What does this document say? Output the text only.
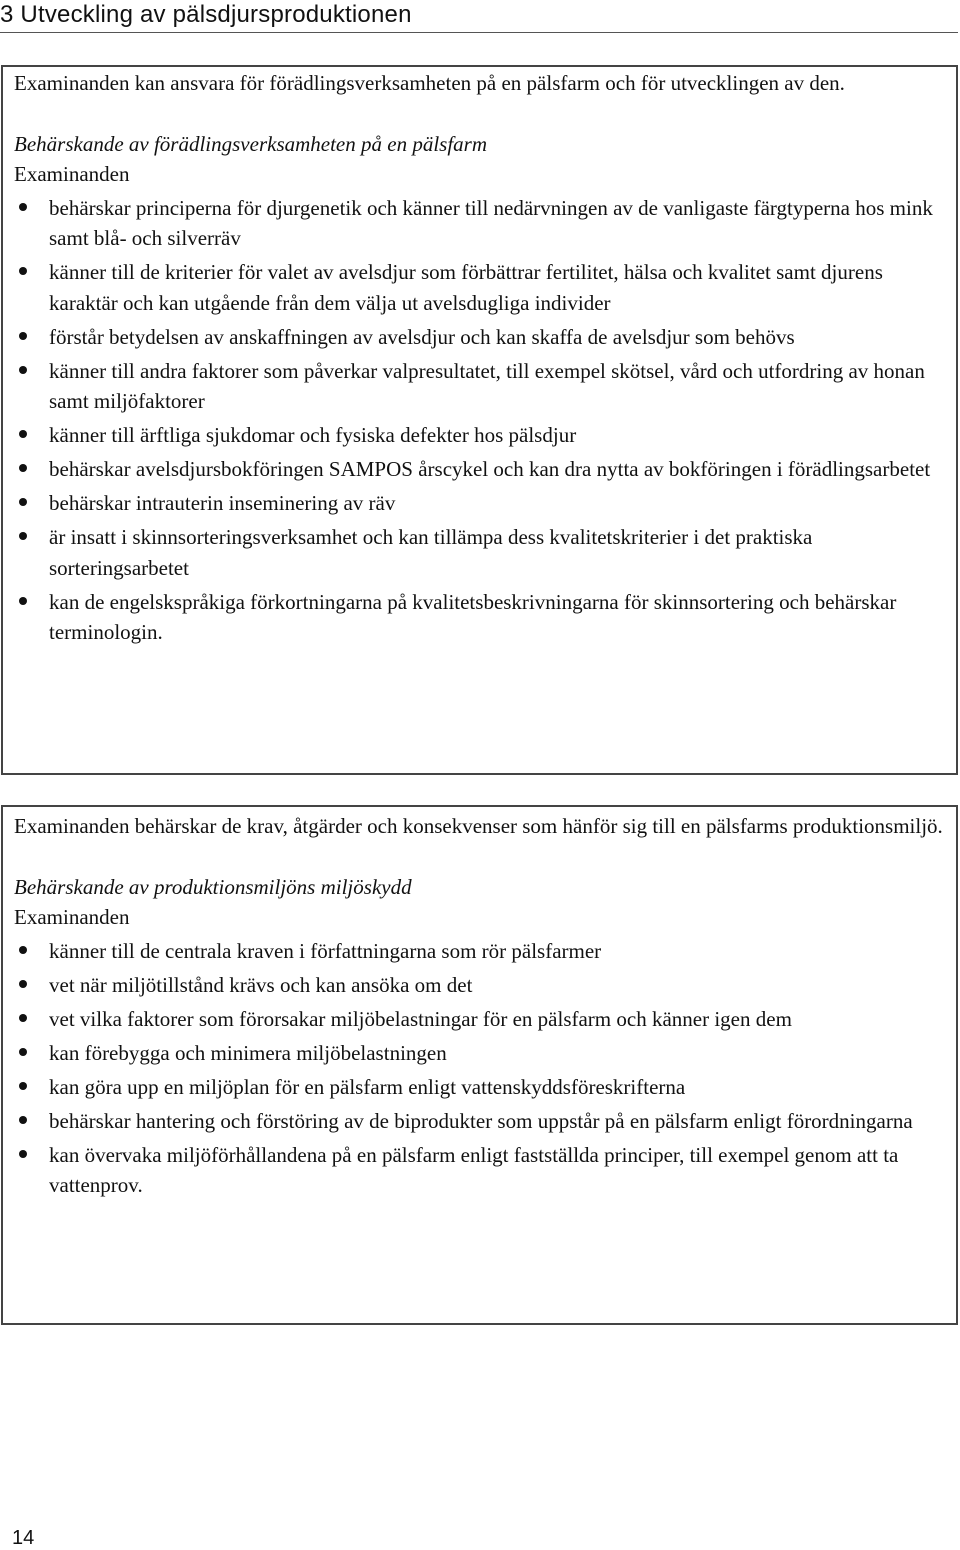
3 Utveckling av pälsdjursproduktionen

Examinanden kan ansvara för förädlingsverksamheten på en pälsfarm och för utvecklingen av den.

Behärskande av förädlingsverksamheten på en pälsfarm

Examinanden

behärskar principerna för djurgenetik och känner till nedärvningen av de vanligaste färgtyperna hos mink samt blå- och silverräv
känner till de kriterier för valet av avelsdjur som förbättrar fertilitet, hälsa och kvalitet samt djurens karaktär och kan utgående från dem välja ut avelsdugliga individer
förstår betydelsen av anskaffningen av avelsdjur och kan skaffa de avelsdjur som behövs
känner till andra faktorer som påverkar valpresultatet, till exempel skötsel, vård och utfordring av honan samt miljöfaktorer
känner till ärftliga sjukdomar och fysiska defekter hos pälsdjur
behärskar avelsdjursbokföringen SAMPOS årscykel och kan dra nytta av bokföringen i förädlingsarbetet
behärskar intrauterin inseminering av räv
är insatt i skinnsorteringsverksamhet och kan tillämpa dess kvalitetskriterier i det praktiska sorteringsarbetet
kan de engelskspråkiga förkortningarna på kvalitetsbeskrivningarna för skinnsortering och behärskar terminologin.

Examinanden behärskar de krav, åtgärder och konsekvenser som hänför sig till en pälsfarms produktionsmiljö.

Behärskande av produktionsmiljöns miljöskydd

Examinanden

känner till de centrala kraven i författningarna som rör pälsfarmer
vet när miljötillstånd krävs och kan ansöka om det
vet vilka faktorer som förorsakar miljöbelastningar för en pälsfarm och känner igen dem
kan förebygga och minimera miljöbelastningen
kan göra upp en miljöplan för en pälsfarm enligt vattenskyddsföreskrifterna
behärskar hantering och förstöring av de biprodukter som uppstår på en pälsfarm enligt förordningarna
kan övervaka miljöförhållandena på en pälsfarm enligt fastställda principer, till exempel genom att ta vattenprov.
14
